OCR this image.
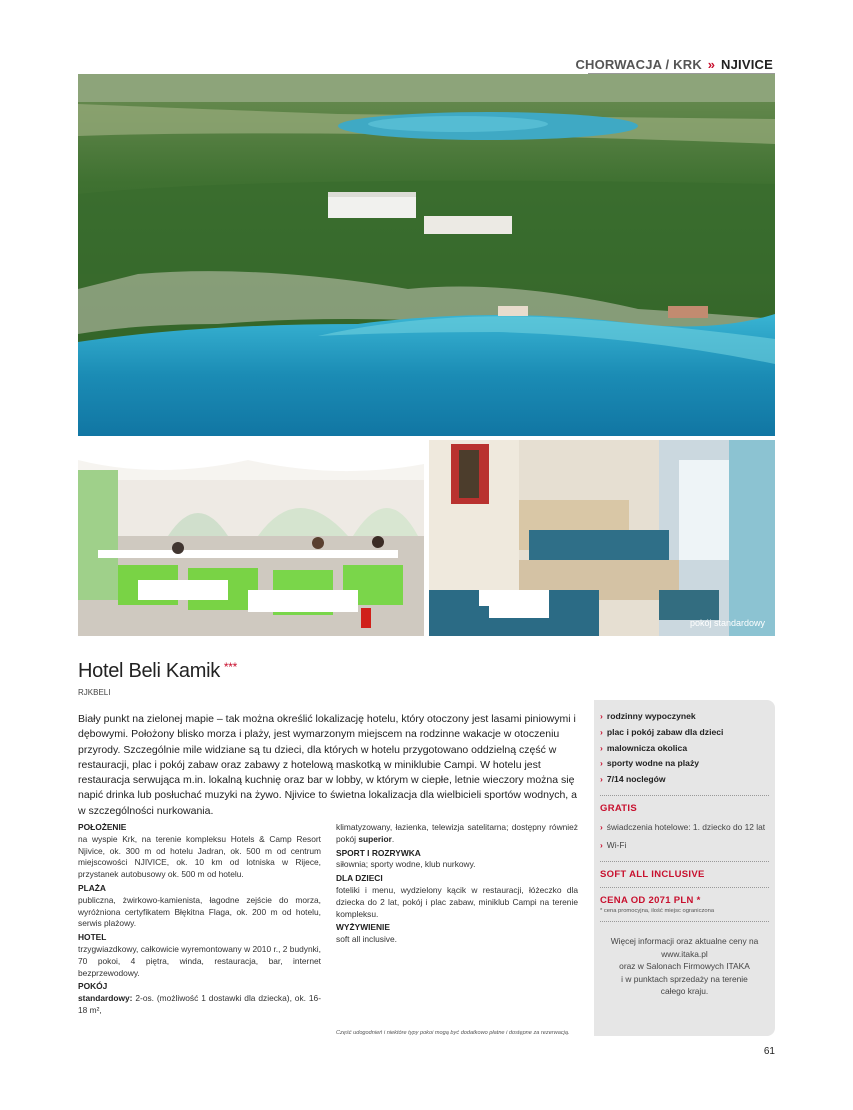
CHORWACJA / KRK » NJIVICE
pokój standardowy
Hotel Beli Kamik ***
RJKBELI
Biały punkt na zielonej mapie – tak można określić lokalizację hotelu, który otoczony jest lasami piniowymi i dębowymi. Położony blisko morza i plaży, jest wymarzonym miejscem na rodzinne wakacje w otoczeniu przyrody. Szczególnie mile widziane są tu dzieci, dla których w hotelu przygotowano oddzielną część w restauracji, plac i pokój zabaw oraz zabawy z hotelową maskotką w miniklubie Campi. W hotelu jest restauracja serwująca m.in. lokalną kuchnię oraz bar w lobby, w którym w ciepłe, letnie wieczory można się napić drinka lub posłuchać muzyki na żywo. Njivice to świetna lokalizacja dla wielbicieli sportów wodnych, a w szczególności nurkowania.
POŁOŻENIE

na wyspie Krk, na terenie kompleksu Hotels & Camp Resort Njivice, ok. 300 m od hotelu Jadran, ok. 500 m od centrum miejscowości NJIVICE, ok. 10 km od lotniska w Rijece, przystanek autobusowy ok. 500 m od hotelu.

PLAŻA

publiczna, żwirkowo-kamienista, łagodne zejście do morza, wyróżniona certyfikatem Błękitna Flaga, ok. 200 m od hotelu, serwis plażowy.

HOTEL

trzygwiazdkowy, całkowicie wyremontowany w 2010 r., 2 budynki, 70 pokoi, 4 piętra, winda, restauracja, bar, internet bezprzewodowy.

POKÓJ

standardowy: 2-os. (możliwość 1 dostawki dla dziecka), ok. 16-18 m²,

klimatyzowany, łazienka, telewizja satelitarna; dostępny również pokój superior.

SPORT I ROZRYWKA

siłownia; sporty wodne, klub nurkowy.

DLA DZIECI

foteliki i menu, wydzielony kącik w restauracji, łóżeczko dla dziecka do 2 lat, pokój i plac zabaw, miniklub Campi na terenie kompleksu.

WYŻYWIENIE

soft all inclusive.

Część udogodnień i niektóre typy pokoi mogą być dodatkowo płatne i dostępne za rezerwacją.
› rodzinny wypoczynek
› plac i pokój zabaw dla dzieci
› malownicza okolica
› sporty wodne na plaży
› 7/14 noclegów
GRATIS
› świadczenia hotelowe: 1. dziecko do 12 lat
› Wi-Fi
SOFT ALL INCLUSIVE
CENA OD 2071 PLN *
* cena promocyjna, ilość miejsc ograniczona
Więcej informacji oraz aktualne ceny na
www.itaka.pl
oraz w Salonach Firmowych ITAKA
i w punktach sprzedaży na terenie
całego kraju.
61
